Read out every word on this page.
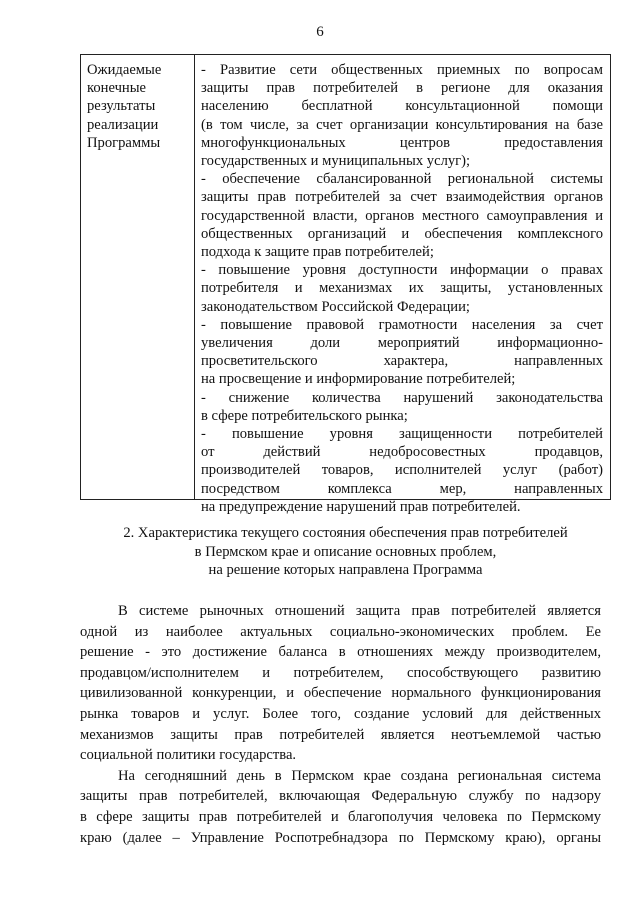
6
Ожидаемые
конечные
результаты
реализации
Программы
- Развитие сети общественных приемных по вопросам
защиты прав потребителей в регионе для оказания
населению бесплатной консультационной помощи
(в том числе, за счет организации консультирования на базе
многофункциональных центров предоставления
государственных и муниципальных услуг);
- обеспечение сбалансированной региональной системы
защиты прав потребителей за счет взаимодействия органов
государственной власти, органов местного самоуправления и
общественных организаций и обеспечения комплексного
подхода к защите прав потребителей;
- повышение уровня доступности информации о правах
потребителя и механизмах их защиты, установленных
законодательством Российской Федерации;
- повышение правовой грамотности населения за счет
увеличения доли мероприятий информационно-
просветительского характера, направленных
на просвещение и информирование потребителей;
- снижение количества нарушений законодательства
в сфере потребительского рынка;
- повышение уровня защищенности потребителей
от действий недобросовестных продавцов,
производителей товаров, исполнителей услуг (работ)
посредством комплекса мер, направленных
на предупреждение нарушений прав потребителей.
2. Характеристика текущего состояния обеспечения прав потребителей
в Пермском крае и описание основных проблем,
на решение которых направлена Программа
В системе рыночных отношений защита прав потребителей является
одной из наиболее актуальных социально-экономических проблем. Ее
решение - это достижение баланса в отношениях между производителем,
продавцом/исполнителем и потребителем, способствующего развитию
цивилизованной конкуренции, и обеспечение нормального функционирования
рынка товаров и услуг. Более того, создание условий для действенных
механизмов защиты прав потребителей является неотъемлемой частью
социальной политики государства.
На сегодняшний день в Пермском крае создана региональная система
защиты прав потребителей, включающая Федеральную службу по надзору
в сфере защиты прав потребителей и благополучия человека по Пермскому
краю (далее – Управление Роспотребнадзора по Пермскому краю), органы
